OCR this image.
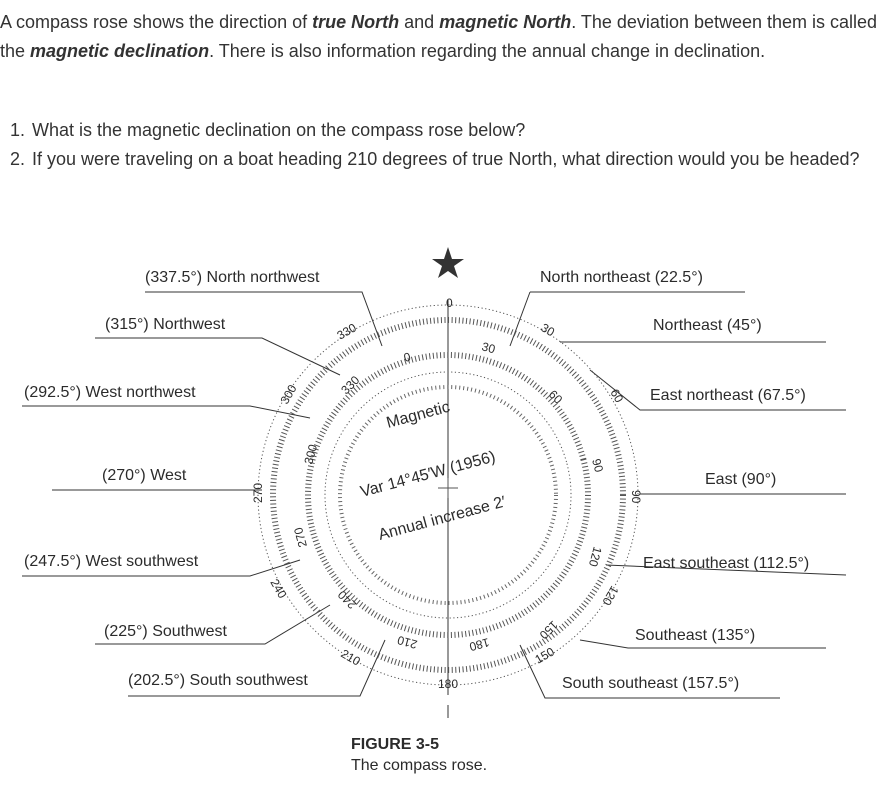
A compass rose shows the direction of true North and magnetic North. The deviation between them is called the magnetic declination. There is also information regarding the annual change in declination.
1. What is the magnetic declination on the compass rose below?
2. If you were traveling on a boat heading 210 degrees of true North, what direction would you be headed?
0
30
60
90
120
150
180
210
240
270
300
330
0
30
60
90
120
150
180
210
240
270
300
330
Magnetic
Var 14°45′W (1956)
Annual increase 2′
(337.5°) North northwest
(315°) Northwest
(292.5°) West northwest
(270°) West
(247.5°) West southwest
(225°) Southwest
(202.5°) South southwest
North northeast (22.5°)
Northeast (45°)
East northeast (67.5°)
East (90°)
East southeast (112.5°)
Southeast (135°)
South southeast (157.5°)
FIGURE 3-5
The compass rose.
